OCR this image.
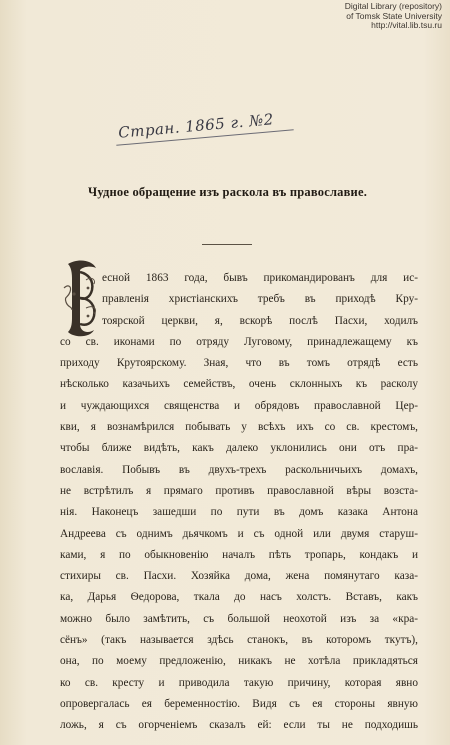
Digital Library (repository)
of Tomsk State University
http://vital.lib.tsu.ru
Стран. 1865 г. №2
Чудное обращение изъ раскола въ православие.
есной 1863 года, бывъ прикомандированъ для ис-
правленія христіанскихъ требъ въ приходѣ Кру-
тоярской церкви, я, вскорѣ послѣ Пасхи, ходилъ
со св. иконами по отряду Луговому, принадлежащему къ
приходу Крутоярскому. Зная, что въ томъ отрядѣ есть
нѣсколько казачьихъ семействъ, очень склонныхъ къ расколу
и чуждающихся священства и обрядовъ православной Цер-
кви, я вознамѣрился побывать у всѣхъ ихъ со св. крестомъ,
чтобы ближе видѣть, какъ далеко уклонились они отъ пра-
вославія. Побывъ въ двухъ-трехъ раскольничьихъ домахъ,
не встрѣтилъ я прямаго противъ православной вѣры возста-
нія. Наконецъ зашедши по пути въ домъ казака Антона
Андреева съ однимъ дьячкомъ и съ одной или двумя старуш-
ками, я по обыкновенію началъ пѣть тропарь, кондакъ и
стихиры св. Пасхи. Хозяйка дома, жена помянутаго каза-
ка, Дарья Ѳедорова, ткала до насъ холстъ. Вставъ, какъ
можно было замѣтить, съ большой неохотой изъ за «кра-
сёнъ» (такъ называется здѣсь станокъ, въ которомъ ткутъ),
она, по моему предложенію, никакъ не хотѣла прикладяться
ко св. кресту и приводила такую причину, которая явно
опровергалась ея беременностію. Видя съ ея стороны явную
ложь, я съ огорченіемъ сказалъ ей: если ты не подходишь
